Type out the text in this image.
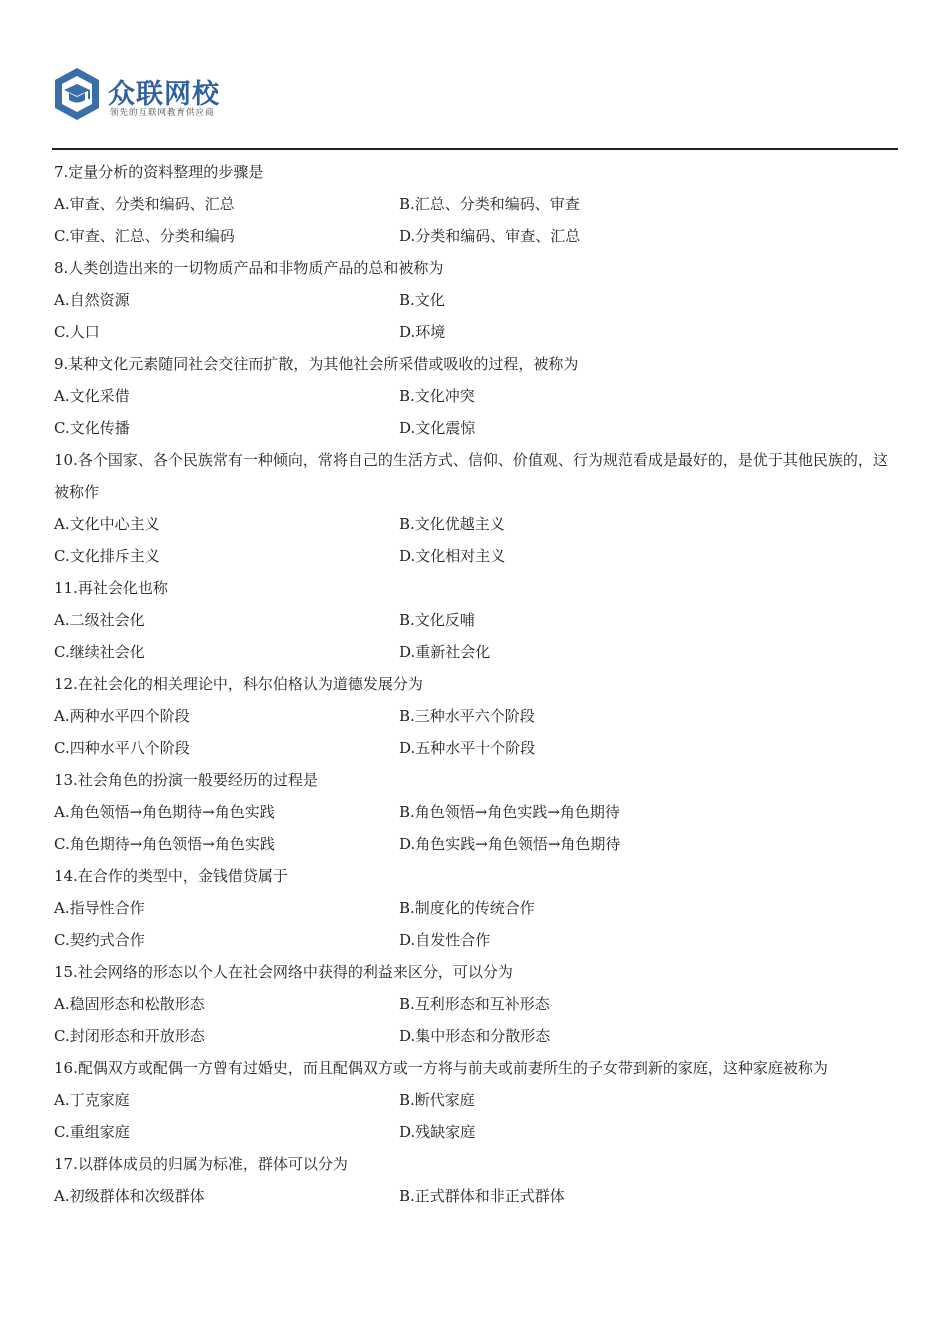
众联网校
领先的互联网教育供应商

7.定量分析的资料整理的步骤是

A.审查、分类和编码、汇总	B.汇总、分类和编码、审查
C.审查、汇总、分类和编码	D.分类和编码、审查、汇总

8.人类创造出来的一切物质产品和非物质产品的总和被称为

A.自然资源	B.文化
C.人口	D.环境

9.某种文化元素随同社会交往而扩散，为其他社会所采借或吸收的过程，被称为

A.文化采借	B.文化冲突
C.文化传播	D.文化震惊

10.各个国家、各个民族常有一种倾向，常将自己的生活方式、信仰、价值观、行为规范看成是最好的，是优于其他民族的，这被称作

A.文化中心主义	B.文化优越主义
C.文化排斥主义	D.文化相对主义

11.再社会化也称

A.二级社会化	B.文化反哺
C.继续社会化	D.重新社会化

12.在社会化的相关理论中，科尔伯格认为道德发展分为

A.两种水平四个阶段	B.三种水平六个阶段
C.四种水平八个阶段	D.五种水平十个阶段

13.社会角色的扮演一般要经历的过程是

A.角色领悟→角色期待→角色实践	B.角色领悟→角色实践→角色期待
C.角色期待→角色领悟→角色实践	D.角色实践→角色领悟→角色期待

14.在合作的类型中，金钱借贷属于

A.指导性合作	B.制度化的传统合作
C.契约式合作	D.自发性合作

15.社会网络的形态以个人在社会网络中获得的利益来区分，可以分为

A.稳固形态和松散形态	B.互利形态和互补形态
C.封闭形态和开放形态	D.集中形态和分散形态

16.配偶双方或配偶一方曾有过婚史，而且配偶双方或一方将与前夫或前妻所生的子女带到新的家庭，这种家庭被称为

A.丁克家庭	B.断代家庭
C.重组家庭	D.残缺家庭

17.以群体成员的归属为标准，群体可以分为

A.初级群体和次级群体	B.正式群体和非正式群体
